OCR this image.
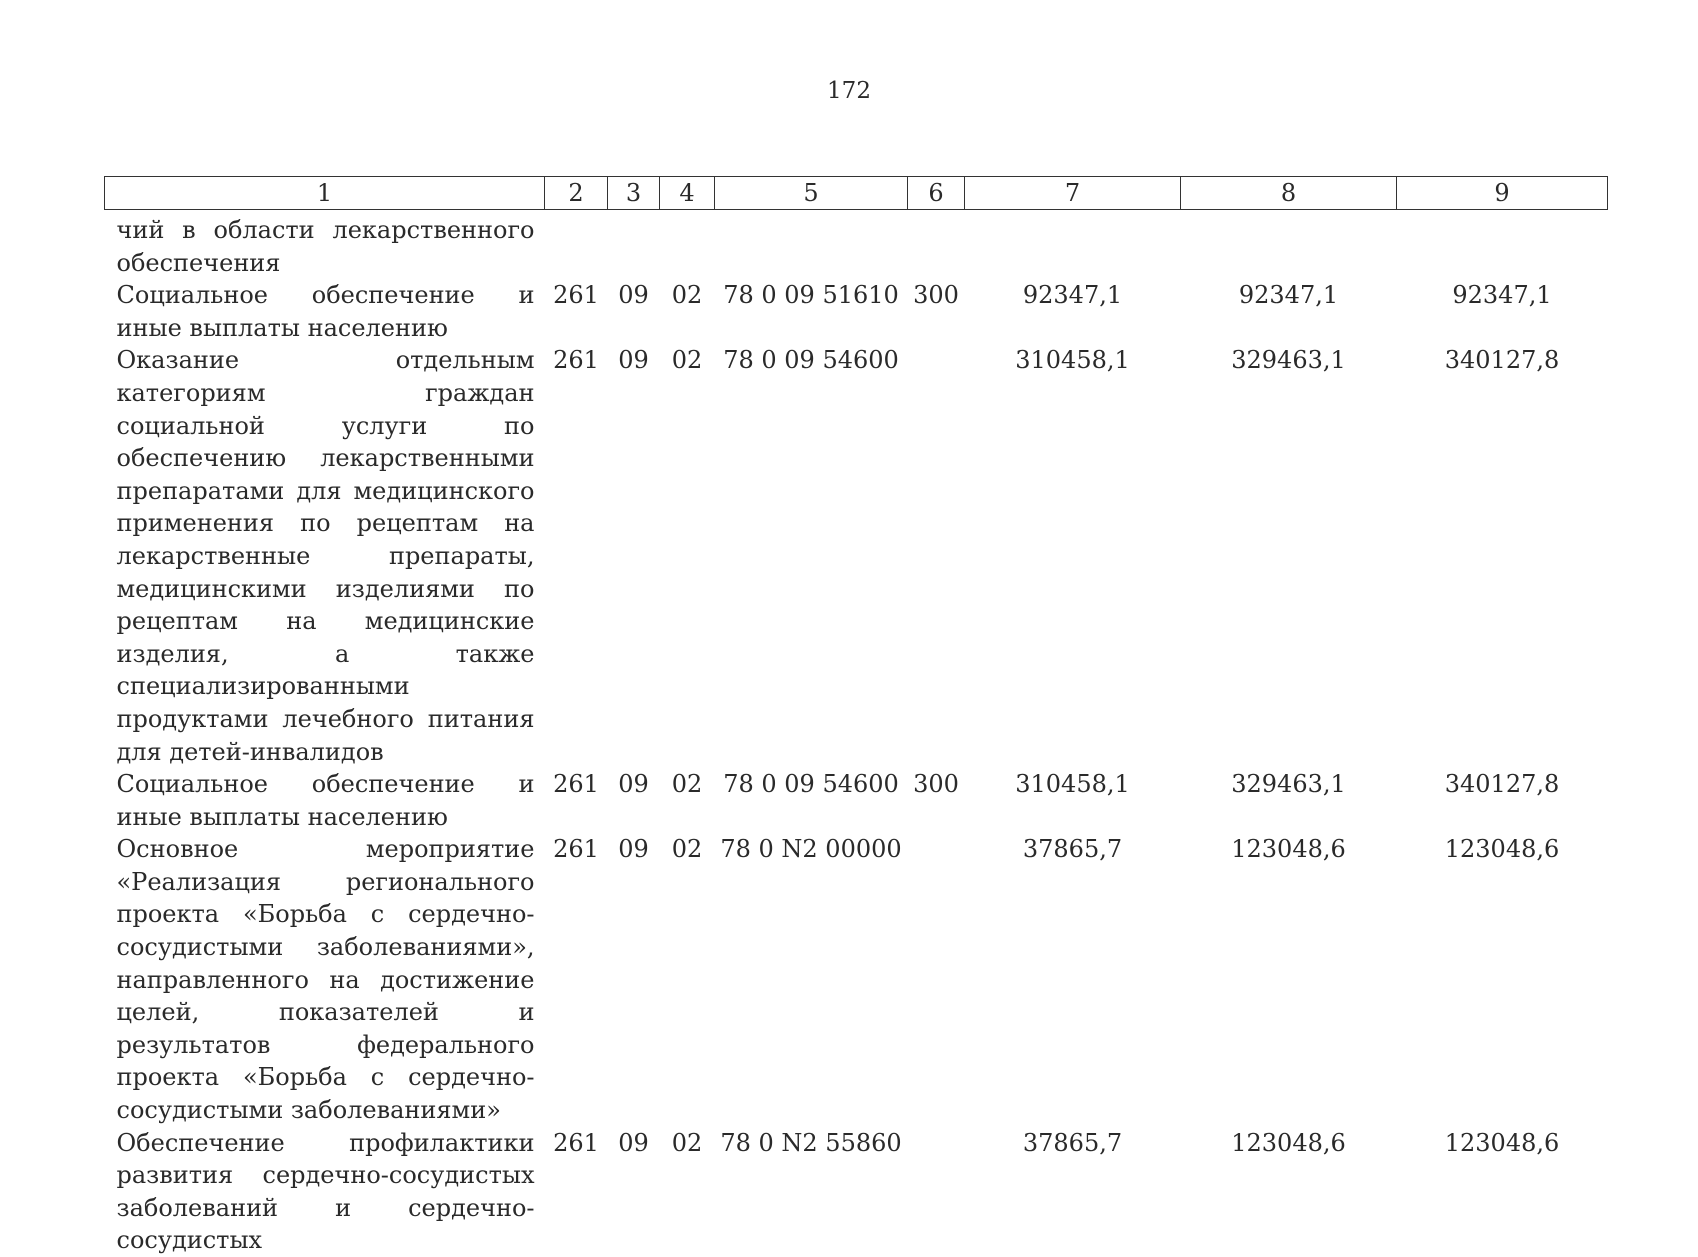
172
1	2	3	4	5	6	7	8	9
чий в области лекарственного обеспечения								
Социальное обеспечение и иные выплаты населению	261	09	02	78 0 09 51610	300	92347,1	92347,1	92347,1
Оказание отдельным категориям граждан социальной услуги по обеспечению лекарственными препаратами для медицинского применения по рецептам на лекарственные препараты, медицинскими изделиями по рецептам на медицинские изделия, а также специализированными продуктами лечебного питания для детей-инвалидов	261	09	02	78 0 09 54600		310458,1	329463,1	340127,8
Социальное обеспечение и иные выплаты населению	261	09	02	78 0 09 54600	300	310458,1	329463,1	340127,8
Основное мероприятие «Реализация регионального проекта «Борьба с сердечно-сосудистыми заболеваниями», направленного на достижение целей, показателей и результатов федерального проекта «Борьба с сердечно-сосудистыми заболеваниями»	261	09	02	78 0 N2 00000		37865,7	123048,6	123048,6
Обеспечение профилактики развития сердечно-сосудистых заболеваний и сердечно-сосудистых	261	09	02	78 0 N2 55860		37865,7	123048,6	123048,6
